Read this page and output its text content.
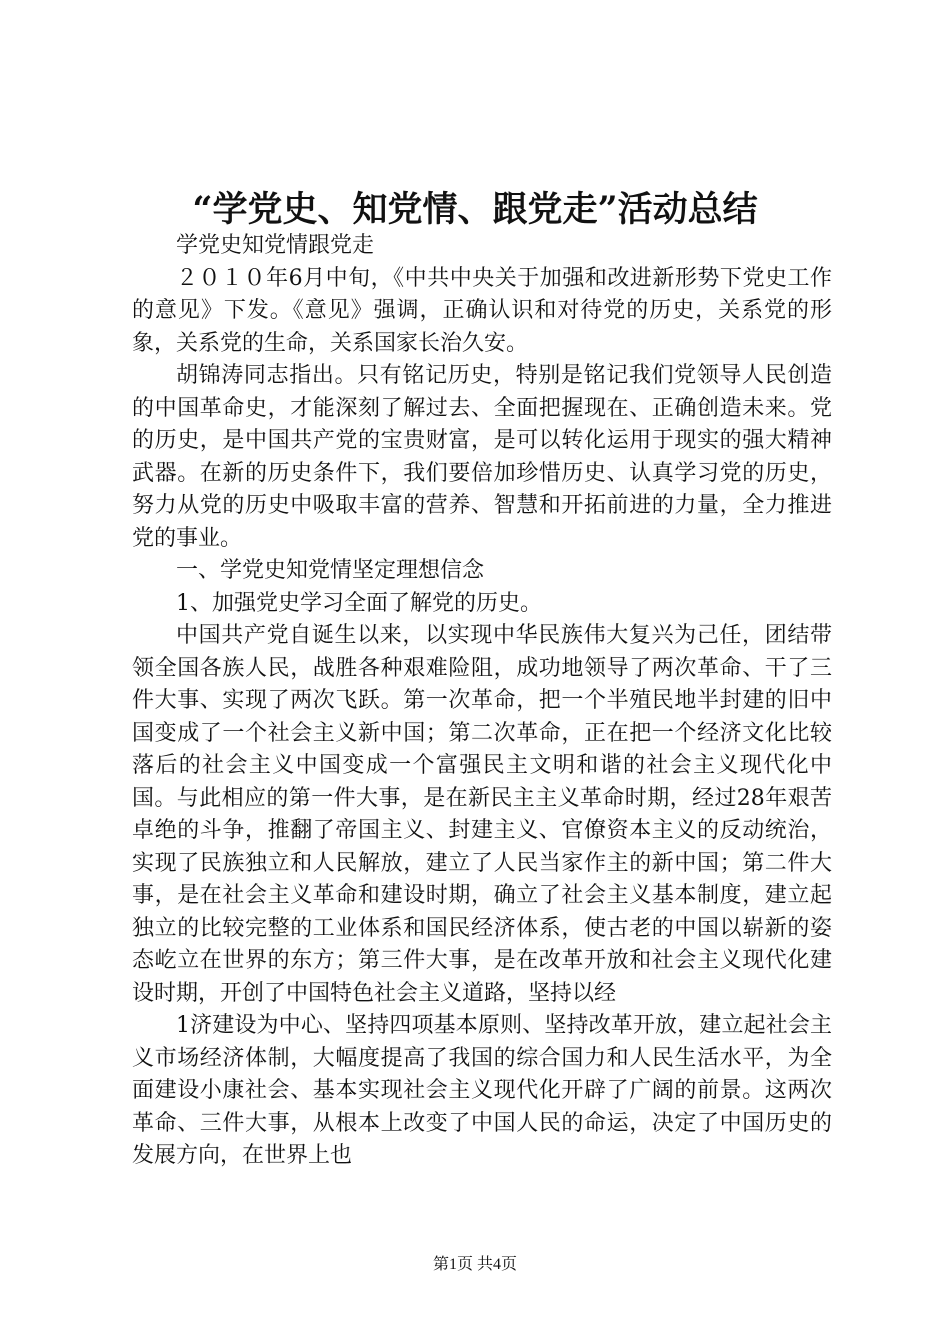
“学党史、知党情、跟党走”活动总结

学党史知党情跟党走

２０１０年6月中旬，《中共中央关于加强和改进新形势下党史工作的意见》下发。《意见》强调，正确认识和对待党的历史，关系党的形象，关系党的生命，关系国家长治久安。

胡锦涛同志指出。只有铭记历史，特别是铭记我们党领导人民创造的中国革命史，才能深刻了解过去、全面把握现在、正确创造未来。党的历史，是中国共产党的宝贵财富，是可以转化运用于现实的强大精神武器。在新的历史条件下，我们要倍加珍惜历史、认真学习党的历史，努力从党的历史中吸取丰富的营养、智慧和开拓前进的力量，全力推进党的事业。

一、学党史知党情坚定理想信念

1、加强党史学习全面了解党的历史。

中国共产党自诞生以来，以实现中华民族伟大复兴为己任，团结带领全国各族人民，战胜各种艰难险阻，成功地领导了两次革命、干了三件大事、实现了两次飞跃。第一次革命，把一个半殖民地半封建的旧中国变成了一个社会主义新中国；第二次革命，正在把一个经济文化比较落后的社会主义中国变成一个富强民主文明和谐的社会主义现代化中国。与此相应的第一件大事，是在新民主主义革命时期，经过28年艰苦卓绝的斗争，推翻了帝国主义、封建主义、官僚资本主义的反动统治，实现了民族独立和人民解放，建立了人民当家作主的新中国；第二件大事，是在社会主义革命和建设时期，确立了社会主义基本制度，建立起独立的比较完整的工业体系和国民经济体系，使古老的中国以崭新的姿态屹立在世界的东方；第三件大事，是在改革开放和社会主义现代化建设时期，开创了中国特色社会主义道路，坚持以经

1济建设为中心、坚持四项基本原则、坚持改革开放，建立起社会主义市场经济体制，大幅度提高了我国的综合国力和人民生活水平，为全面建设小康社会、基本实现社会主义现代化开辟了广阔的前景。这两次革命、三件大事，从根本上改变了中国人民的命运，决定了中国历史的发展方向，在世界上也

第1页 共4页
